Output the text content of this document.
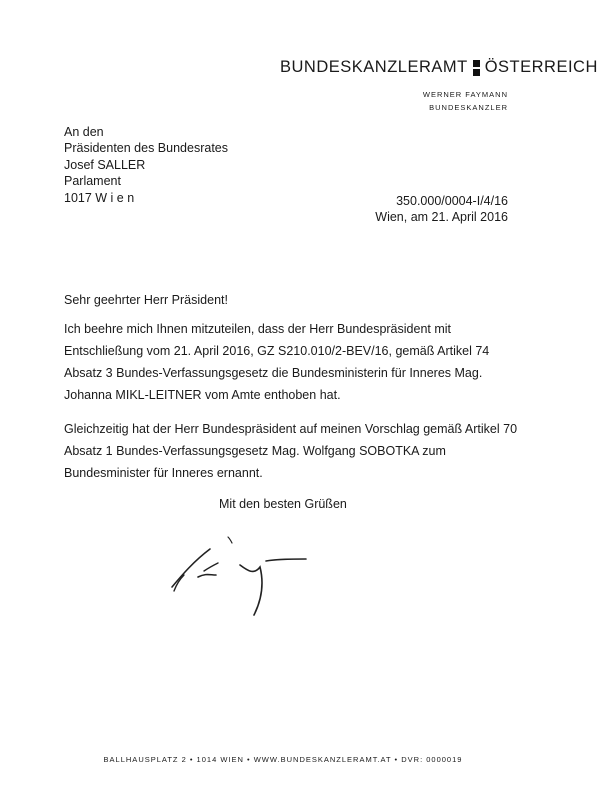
BUNDESKANZLERAMT ÖSTERREICH
WERNER FAYMANN
BUNDESKANZLER
An den
Präsidenten des Bundesrates
Josef SALLER
Parlament
1017 W i e n	350.000/0004-I/4/16
Wien, am 21. April 2016
Sehr geehrter Herr Präsident!
Ich beehre mich Ihnen mitzuteilen, dass der Herr Bundespräsident mit Entschließung vom 21. April 2016, GZ S210.010/2-BEV/16, gemäß Artikel 74 Absatz 3 Bundes-Verfassungsgesetz die Bundesministerin für Inneres Mag. Johanna MIKL-LEITNER vom Amte enthoben hat.
Gleichzeitig hat der Herr Bundespräsident auf meinen Vorschlag gemäß Artikel 70 Absatz 1 Bundes-Verfassungsgesetz Mag. Wolfgang SOBOTKA zum Bundesminister für Inneres ernannt.
Mit den besten Grüßen
BALLHAUSPLATZ 2 • 1014 WIEN • WWW.BUNDESKANZLERAMT.AT • DVR: 0000019
